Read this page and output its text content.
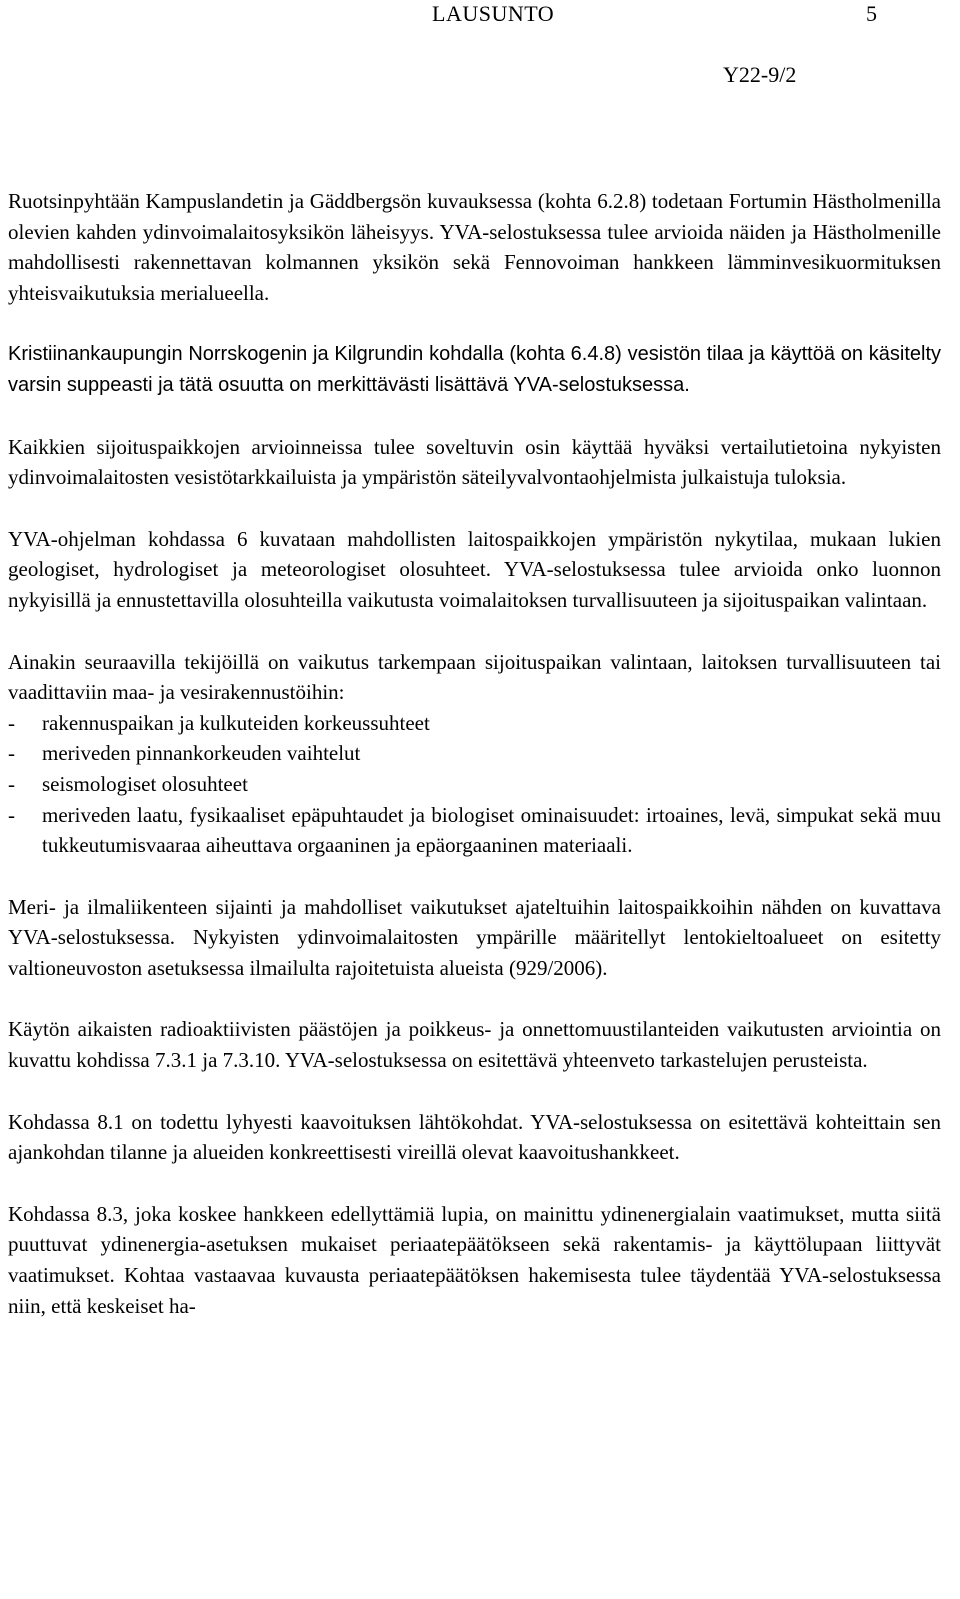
LAUSUNTO	5
Y22-9/2

Ruotsinpyhtään Kampuslandetin ja Gäddbergsön kuvauksessa (kohta 6.2.8) todetaan Fortumin Hästholmenilla olevien kahden ydinvoimalaitosyksikön läheisyys. YVA-selostuksessa tulee arvioida näiden ja Hästholmenille mahdollisesti rakennettavan kolmannen yksikön sekä Fennovoiman hankkeen lämminvesikuormituksen yhteisvaikutuksia merialueella.

Kristiinankaupungin Norrskogenin ja Kilgrundin kohdalla (kohta 6.4.8) vesistön tilaa ja käyttöä on käsitelty varsin suppeasti ja tätä osuutta on merkittävästi lisättävä YVA-selostuksessa.

Kaikkien sijoituspaikkojen arvioinneissa tulee soveltuvin osin käyttää hyväksi vertailutietoina nykyisten ydinvoimalaitosten vesistötarkkailuista ja ympäristön säteilyvalvontaohjelmista julkaistuja tuloksia.

YVA-ohjelman kohdassa 6 kuvataan mahdollisten laitospaikkojen ympäristön nykytilaa, mukaan lukien geologiset, hydrologiset ja meteorologiset olosuhteet. YVA-selostuksessa tulee arvioida onko luonnon nykyisillä ja ennustettavilla olosuhteilla vaikutusta voimalaitoksen turvallisuuteen ja sijoituspaikan valintaan.

Ainakin seuraavilla tekijöillä on vaikutus tarkempaan sijoituspaikan valintaan, laitoksen turvallisuuteen tai vaadittaviin maa- ja vesirakennustöihin:

- rakennuspaikan ja kulkuteiden korkeussuhteet
- meriveden pinnankorkeuden vaihtelut
- seismologiset olosuhteet
- meriveden laatu, fysikaaliset epäpuhtaudet ja biologiset ominaisuudet: irtoaines, levä, simpukat sekä muu tukkeutumisvaaraa aiheuttava orgaaninen ja epäorgaaninen materiaali.

Meri- ja ilmaliikenteen sijainti ja mahdolliset vaikutukset ajateltuihin laitospaikkoihin nähden on kuvattava YVA-selostuksessa. Nykyisten ydinvoimalaitosten ympärille määritellyt lentokieltoalueet on esitetty valtioneuvoston asetuksessa ilmailulta rajoitetuista alueista (929/2006).

Käytön aikaisten radioaktiivisten päästöjen ja poikkeus- ja onnettomuustilanteiden vaikutusten arviointia on kuvattu kohdissa 7.3.1 ja 7.3.10. YVA-selostuksessa on esitettävä yhteenveto tarkastelujen perusteista.

Kohdassa 8.1 on todettu lyhyesti kaavoituksen lähtökohdat. YVA-selostuksessa on esitettävä kohteittain sen ajankohdan tilanne ja alueiden konkreettisesti vireillä olevat kaavoitushankkeet.

Kohdassa 8.3, joka koskee hankkeen edellyttämiä lupia, on mainittu ydinenergialain vaatimukset, mutta siitä puuttuvat ydinenergia-asetuksen mukaiset periaatepäätökseen sekä rakentamis- ja käyttölupaan liittyvät vaatimukset. Kohtaa vastaavaa kuvausta periaatepäätöksen hakemisesta tulee täydentää YVA-selostuksessa niin, että keskeiset ha-
